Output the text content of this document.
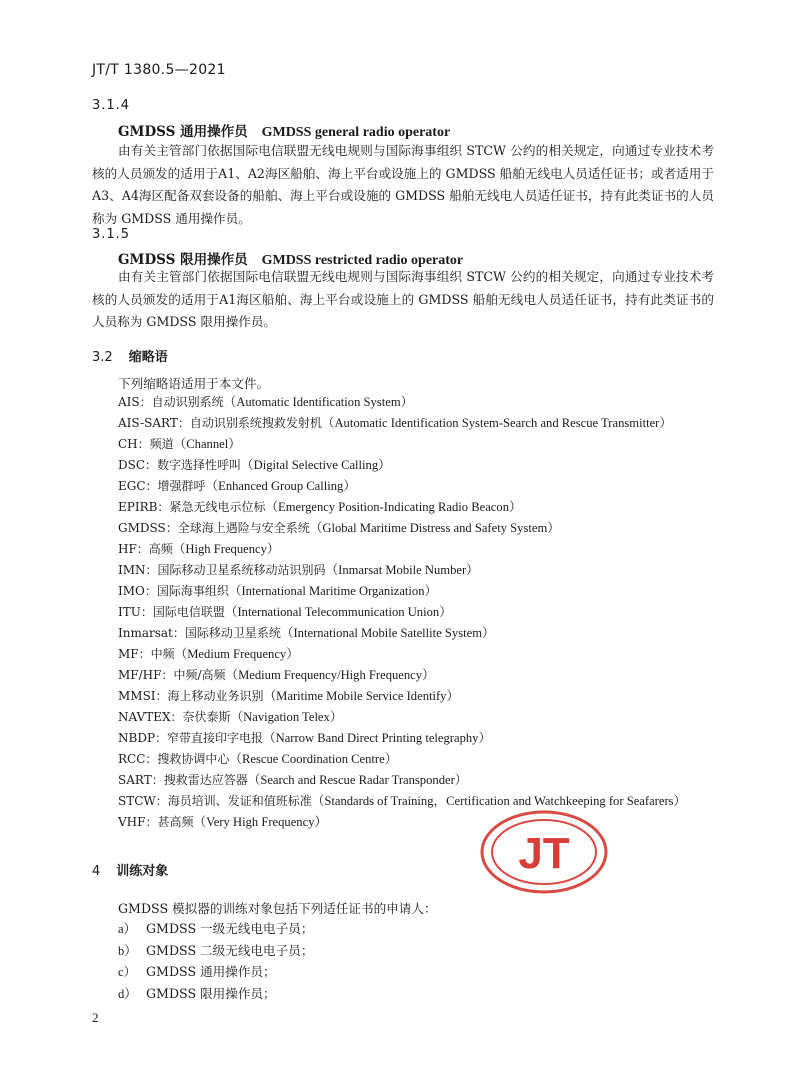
JT/T 1380.5—2021
3.1.4
GMDSS 通用操作员 GMDSS general radio operator
由有关主管部门依据国际电信联盟无线电规则与国际海事组织 STCW 公约的相关规定，向通过专业技术考核的人员颁发的适用于A1、A2海区船舶、海上平台或设施上的 GMDSS 船舶无线电人员适任证书；或者适用于A3、A4海区配备双套设备的船舶、海上平台或设施的 GMDSS 船舶无线电人员适任证书，持有此类证书的人员称为 GMDSS 通用操作员。
3.1.5
GMDSS 限用操作员 GMDSS restricted radio operator
由有关主管部门依据国际电信联盟无线电规则与国际海事组织 STCW 公约的相关规定，向通过专业技术考核的人员颁发的适用于A1海区船舶、海上平台或设施上的 GMDSS 船舶无线电人员适任证书，持有此类证书的人员称为 GMDSS 限用操作员。
3.2 缩略语
下列缩略语适用于本文件。
AIS：自动识别系统（Automatic Identification System）
AIS-SART：自动识别系统搜救发射机（Automatic Identification System-Search and Rescue Transmitter）
CH：频道（Channel）
DSC：数字选择性呼叫（Digital Selective Calling）
EGC：增强群呼（Enhanced Group Calling）
EPIRB：紧急无线电示位标（Emergency Position-Indicating Radio Beacon）
GMDSS：全球海上遇险与安全系统（Global Maritime Distress and Safety System）
HF：高频（High Frequency）
IMN：国际移动卫星系统移动站识别码（Inmarsat Mobile Number）
IMO：国际海事组织（International Maritime Organization）
ITU：国际电信联盟（International Telecommunication Union）
Inmarsat：国际移动卫星系统（International Mobile Satellite System）
MF：中频（Medium Frequency）
MF/HF：中频/高频（Medium Frequency/High Frequency）
MMSI：海上移动业务识别（Maritime Mobile Service Identify）
NAVTEX：奈伏泰斯（Navigation Telex）
NBDP：窄带直接印字电报（Narrow Band Direct Printing telegraphy）
RCC：搜救协调中心（Rescue Coordination Centre）
SART：搜救雷达应答器（Search and Rescue Radar Transponder）
STCW：海员培训、发证和值班标准（Standards of Training，Certification and Watchkeeping for Seafarers）
VHF：甚高频（Very High Frequency）
4 训练对象
GMDSS 模拟器的训练对象包括下列适任证书的申请人：
a） GMDSS 一级无线电电子员；
b） GMDSS 二级无线电电子员；
c） GMDSS 通用操作员；
d） GMDSS 限用操作员；
JT
2
